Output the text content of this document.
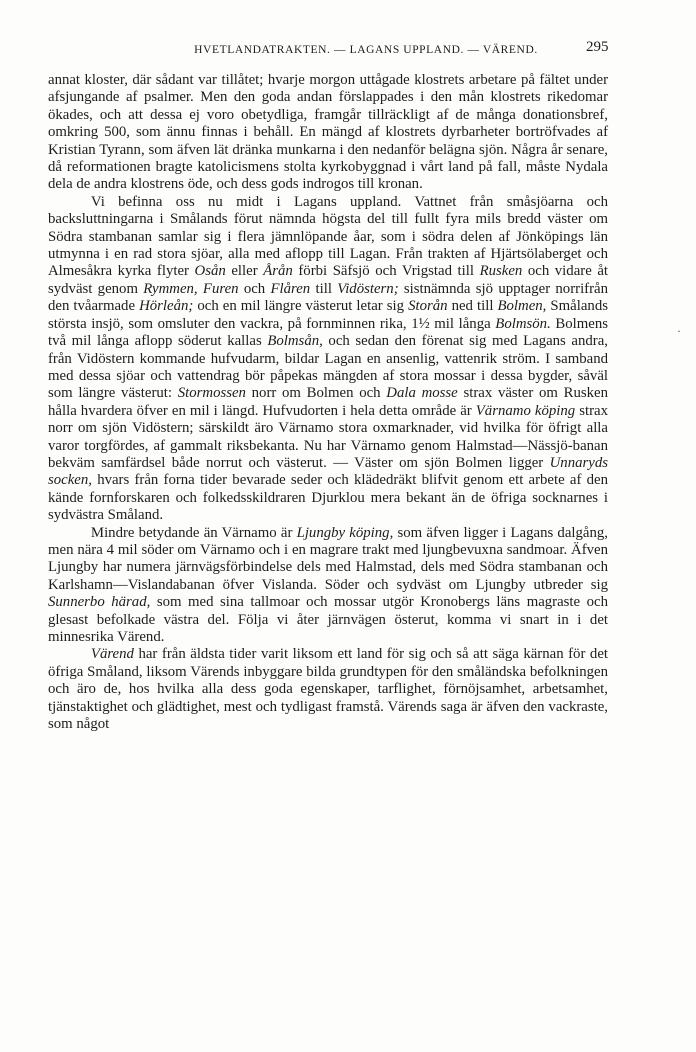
HVETLANDATRAKTEN. — LAGANS UPPLAND. — VÄREND.	295
·

annat kloster, där sådant var tillåtet; hvarje morgon uttågade klostrets arbetare på fältet under afsjungande af psalmer. Men den goda andan förslappades i den mån klostrets rikedomar ökades, och att dessa ej voro obetydliga, framgår tillräckligt af de många donationsbref, omkring 500, som ännu finnas i behåll. En mängd af klostrets dyrbarheter bortröfvades af Kristian Tyrann, som äfven lät dränka munkarna i den nedanför belägna sjön. Några år senare, då reformationen bragte katolicismens stolta kyrkobyggnad i vårt land på fall, måste Nydala dela de andra klostrens öde, och dess gods indrogos till kronan.

Vi befinna oss nu midt i Lagans uppland. Vattnet från småsjöarna och backsluttningarna i Smålands förut nämnda högsta del till fullt fyra mils bredd väster om Södra stambanan samlar sig i flera jämnlöpande åar, som i södra delen af Jönköpings län utmynna i en rad stora sjöar, alla med aflopp till Lagan. Från trakten af Hjärtsölaberget och Almesåkra kyrka flyter Osån eller Årån förbi Säfsjö och Vrigstad till Rusken och vidare åt sydväst genom Rymmen, Furen och Flåren till Vidöstern; sistnämnda sjö upptager norrifrån den tvåarmade Hörleån; och en mil längre västerut letar sig Storån ned till Bolmen, Smålands största insjö, som omsluter den vackra, på fornminnen rika, 1½ mil långa Bolmsön. Bolmens två mil långa aflopp söderut kallas Bolmsån, och sedan den förenat sig med Lagans andra, från Vidöstern kommande hufvudarm, bildar Lagan en ansenlig, vattenrik ström. I samband med dessa sjöar och vattendrag bör påpekas mängden af stora mossar i dessa bygder, såväl som längre västerut: Stormossen norr om Bolmen och Dala mosse strax väster om Rusken hålla hvardera öfver en mil i längd. Hufvudorten i hela detta område är Värnamo köping strax norr om sjön Vidöstern; särskildt äro Värnamo stora oxmarknader, vid hvilka för öfrigt alla varor torgfördes, af gammalt riksbekanta. Nu har Värnamo genom Halmstad—Nässjö-banan bekväm samfärdsel både norrut och västerut. — Väster om sjön Bolmen ligger Unnaryds socken, hvars från forna tider bevarade seder och klädedräkt blifvit genom ett arbete af den kände fornforskaren och folkedsskildraren Djurklou mera bekant än de öfriga socknarnes i sydvästra Småland.

Mindre betydande än Värnamo är Ljungby köping, som äfven ligger i Lagans dalgång, men nära 4 mil söder om Värnamo och i en magrare trakt med ljungbevuxna sandmoar. Äfven Ljungby har numera järnvägsförbindelse dels med Halmstad, dels med Södra stambanan och Karlshamn—Vislandabanan öfver Vislanda. Söder och sydväst om Ljungby utbreder sig Sunnerbo härad, som med sina tallmoar och mossar utgör Kronobergs läns magraste och glesast befolkade västra del. Följa vi åter järnvägen österut, komma vi snart in i det minnesrika Värend.

Värend har från äldsta tider varit liksom ett land för sig och så att säga kärnan för det öfriga Småland, liksom Värends inbyggare bilda grundtypen för den småländska befolkningen och äro de, hos hvilka alla dess goda egenskaper, tarflighet, förnöjsamhet, arbetsamhet, tjänstaktighet och glädtighet, mest och tydligast framstå. Värends saga är äfven den vackraste, som något
